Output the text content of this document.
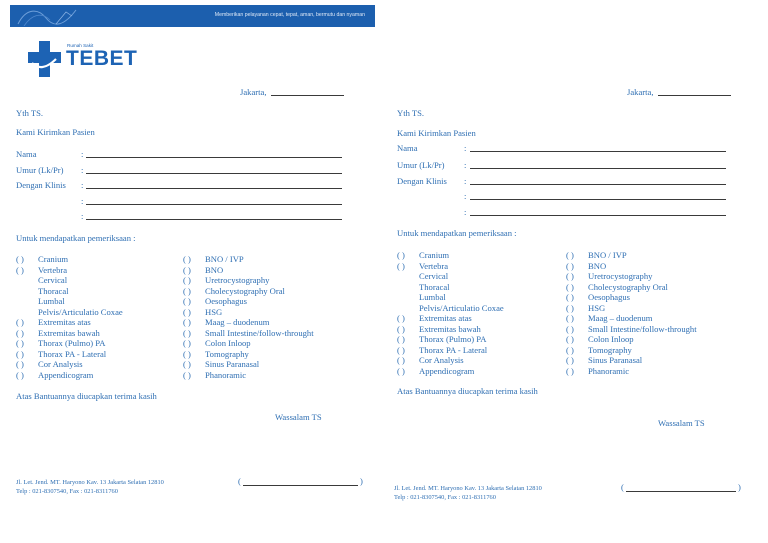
Memberikan pelayanan cepat, tepat, aman, bermutu dan nyaman
Rumah Sakit
TEBET
Jakarta,
Yth TS.
Kami Kirimkan Pasien
Nama	:
Umur (Lk/Pr) :
Dengan Klinis :
:
:
Untuk mendapatkan pemeriksaan :
( ) Cranium
( ) Vertebra
Cervical
Thoracal
Lumbal
Pelvis/Articulatio Coxae
( ) Extremitas atas
( ) Extremitas bawah
( ) Thorax (Pulmo) PA
( ) Thorax PA - Lateral
( ) Cor Analysis
( ) Appendicogram
( ) BNO / IVP
( ) BNO
( ) Uretrocystography
( ) Cholecystography Oral
( ) Oesophagus
( ) HSG
( ) Maag – duodenum
( ) Small Intestine/follow-throught
( ) Colon Inloop
( ) Tomography
( ) Sinus Paranasal
( ) Phanoramic
Atas Bantuannya diucapkan terima kasih
Wassalam TS
Jl. Let. Jend. MT. Haryono Kav. 13 Jakarta Selatan 12810
Telp : 021-8307540, Fax : 021-8311760
(	)
Jakarta,
Yth TS.
Kami Kirimkan Pasien
Nama	:
Umur (Lk/Pr) :
Dengan Klinis :
:
:
Untuk mendapatkan pemeriksaan :
( ) Cranium
( ) Vertebra
Cervical
Thoracal
Lumbal
Pelvis/Articulatio Coxae
( ) Extremitas atas
( ) Extremitas bawah
( ) Thorax (Pulmo) PA
( ) Thorax PA - Lateral
( ) Cor Analysis
( ) Appendicogram
( ) BNO / IVP
( ) BNO
( ) Uretrocystography
( ) Cholecystography Oral
( ) Oesophagus
( ) HSG
( ) Maag – duodenum
( ) Small Intestine/follow-throught
( ) Colon Inloop
( ) Tomography
( ) Sinus Paranasal
( ) Phanoramic
Atas Bantuannya diucapkan terima kasih
Wassalam TS
Jl. Let. Jend. MT. Haryono Kav. 13 Jakarta Selatan 12810
Telp : 021-8307540, Fax : 021-8311760
(	)
